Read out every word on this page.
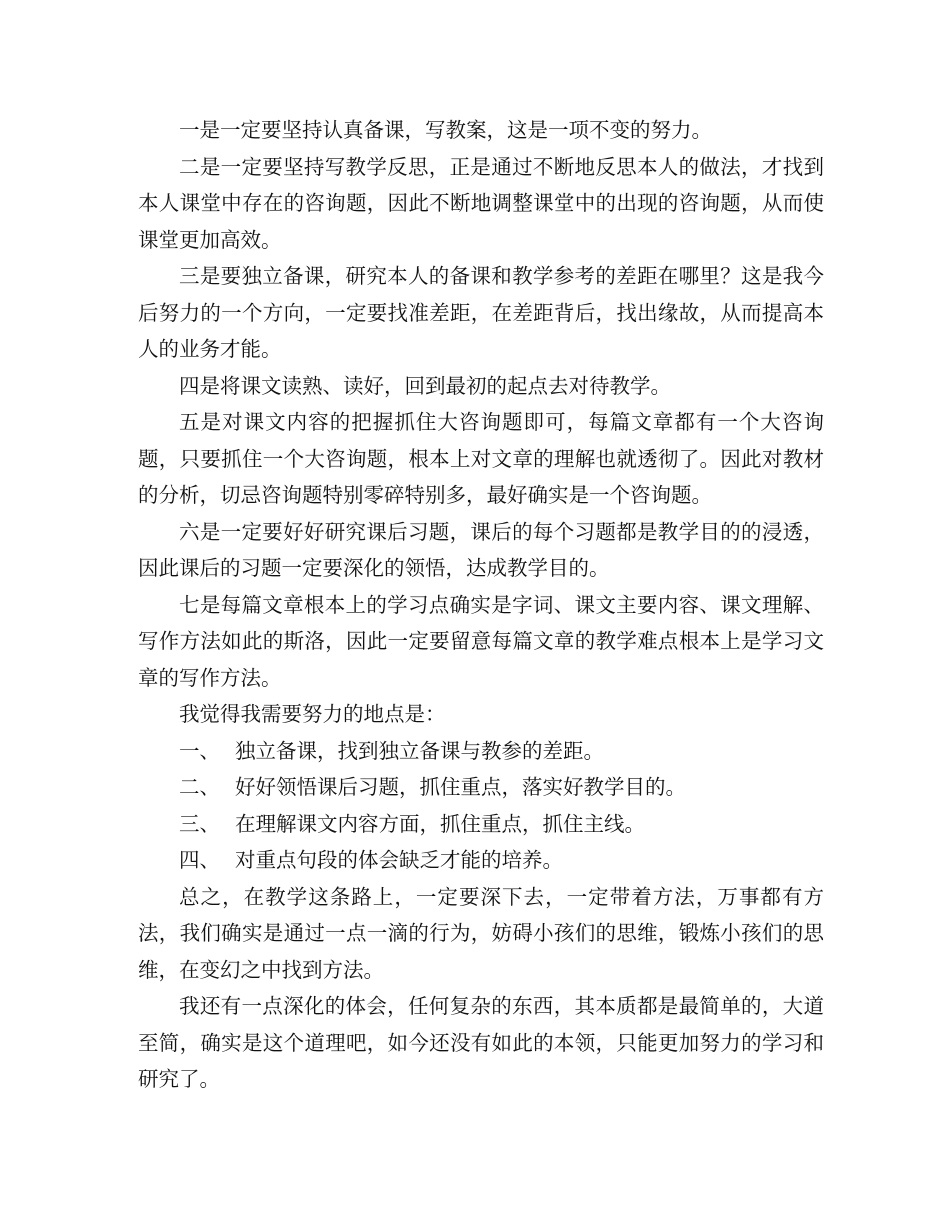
一是一定要坚持认真备课，写教案，这是一项不变的努力。

二是一定要坚持写教学反思，正是通过不断地反思本人的做法，才找到本人课堂中存在的咨询题，因此不断地调整课堂中的出现的咨询题，从而使课堂更加高效。

三是要独立备课，研究本人的备课和教学参考的差距在哪里？这是我今后努力的一个方向，一定要找准差距，在差距背后，找出缘故，从而提高本人的业务才能。

四是将课文读熟、读好，回到最初的起点去对待教学。

五是对课文内容的把握抓住大咨询题即可，每篇文章都有一个大咨询题，只要抓住一个大咨询题，根本上对文章的理解也就透彻了。因此对教材的分析，切忌咨询题特别零碎特别多，最好确实是一个咨询题。

六是一定要好好研究课后习题，课后的每个习题都是教学目的的浸透，因此课后的习题一定要深化的领悟，达成教学目的。

七是每篇文章根本上的学习点确实是字词、课文主要内容、课文理解、写作方法如此的斯洛，因此一定要留意每篇文章的教学难点根本上是学习文章的写作方法。

我觉得我需要努力的地点是：

一、 独立备课，找到独立备课与教参的差距。
二、 好好领悟课后习题，抓住重点，落实好教学目的。
三、 在理解课文内容方面，抓住重点，抓住主线。
四、 对重点句段的体会缺乏才能的培养。

总之，在教学这条路上，一定要深下去，一定带着方法，万事都有方法，我们确实是通过一点一滴的行为，妨碍小孩们的思维，锻炼小孩们的思维，在变幻之中找到方法。

我还有一点深化的体会，任何复杂的东西，其本质都是最简单的，大道至简，确实是这个道理吧，如今还没有如此的本领，只能更加努力的学习和研究了。
